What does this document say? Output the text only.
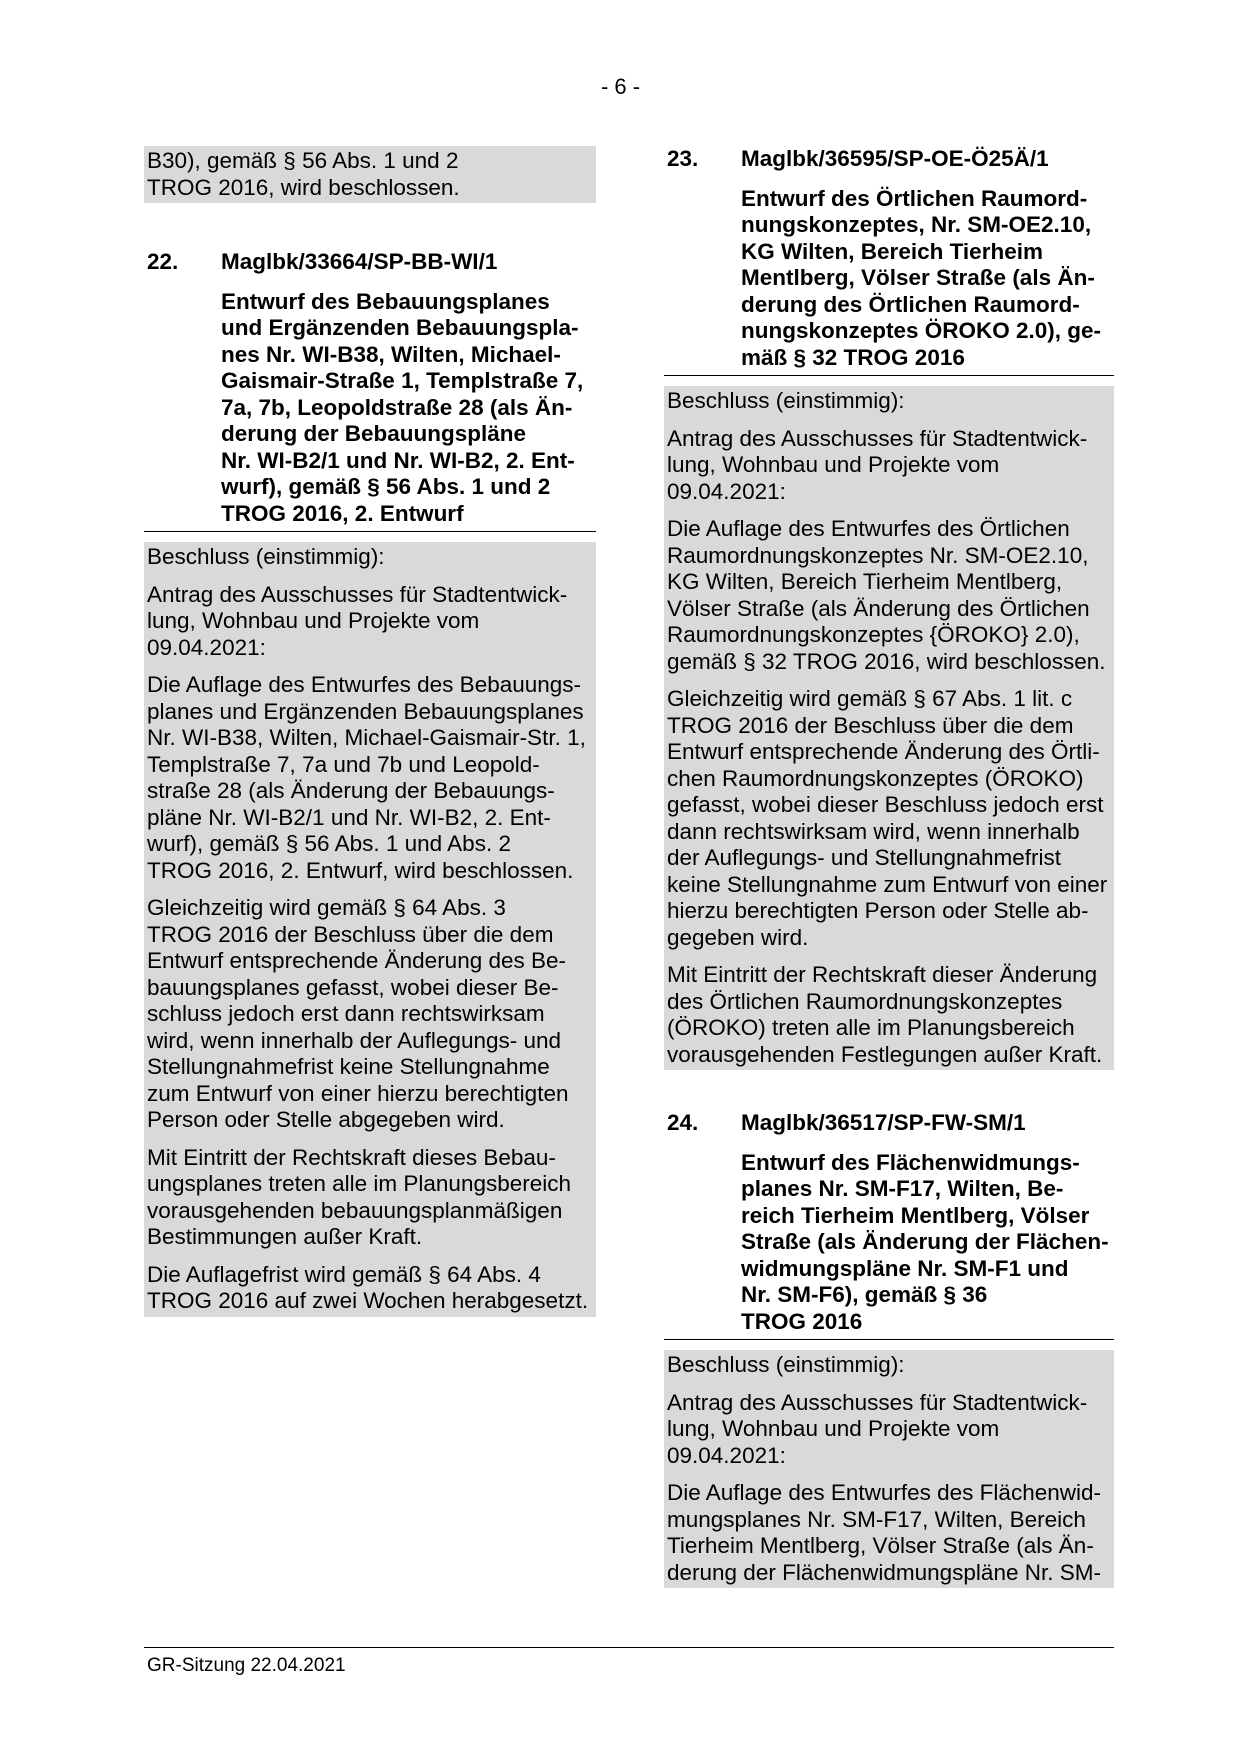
- 6 -
B30), gemäß § 56 Abs. 1 und 2
TROG 2016, wird beschlossen.
22. Maglbk/33664/SP-BB-WI/1
Entwurf des Bebauungsplanes
und Ergänzenden Bebauungspla-
nes Nr. WI-B38, Wilten, Michael-
Gaismair-Straße 1, Templstraße 7,
7a, 7b, Leopoldstraße 28 (als Än-
derung der Bebauungspläne
Nr. WI-B2/1 und Nr. WI-B2, 2. Ent-
wurf), gemäß § 56 Abs. 1 und 2
TROG 2016, 2. Entwurf
Beschluss (einstimmig):
Antrag des Ausschusses für Stadtentwick-
lung, Wohnbau und Projekte vom
09.04.2021:
Die Auflage des Entwurfes des Bebauungs-
planes und Ergänzenden Bebauungsplanes
Nr. WI-B38, Wilten, Michael-Gaismair-Str. 1,
Templstraße 7, 7a und 7b und Leopold-
straße 28 (als Änderung der Bebauungs-
pläne Nr. WI-B2/1 und Nr. WI-B2, 2. Ent-
wurf), gemäß § 56 Abs. 1 und Abs. 2
TROG 2016, 2. Entwurf, wird beschlossen.
Gleichzeitig wird gemäß § 64 Abs. 3
TROG 2016 der Beschluss über die dem
Entwurf entsprechende Änderung des Be-
bauungsplanes gefasst, wobei dieser Be-
schluss jedoch erst dann rechtswirksam
wird, wenn innerhalb der Auflegungs- und
Stellungnahmefrist keine Stellungnahme
zum Entwurf von einer hierzu berechtigten
Person oder Stelle abgegeben wird.
Mit Eintritt der Rechtskraft dieses Bebau-
ungsplanes treten alle im Planungsbereich
vorausgehenden bebauungsplanmäßigen
Bestimmungen außer Kraft.
Die Auflagefrist wird gemäß § 64 Abs. 4
TROG 2016 auf zwei Wochen herabgesetzt.
23. Maglbk/36595/SP-OE-Ö25Ä/1
Entwurf des Örtlichen Raumord-
nungskonzeptes, Nr. SM-OE2.10,
KG Wilten, Bereich Tierheim
Mentlberg, Völser Straße (als Än-
derung des Örtlichen Raumord-
nungskonzeptes ÖROKO 2.0), ge-
mäß § 32 TROG 2016
Beschluss (einstimmig):
Antrag des Ausschusses für Stadtentwick-
lung, Wohnbau und Projekte vom
09.04.2021:
Die Auflage des Entwurfes des Örtlichen
Raumordnungskonzeptes Nr. SM-OE2.10,
KG Wilten, Bereich Tierheim Mentlberg,
Völser Straße (als Änderung des Örtlichen
Raumordnungskonzeptes {ÖROKO} 2.0),
gemäß § 32 TROG 2016, wird beschlossen.
Gleichzeitig wird gemäß § 67 Abs. 1 lit. c
TROG 2016 der Beschluss über die dem
Entwurf entsprechende Änderung des Örtli-
chen Raumordnungskonzeptes (ÖROKO)
gefasst, wobei dieser Beschluss jedoch erst
dann rechtswirksam wird, wenn innerhalb
der Auflegungs- und Stellungnahmefrist
keine Stellungnahme zum Entwurf von einer
hierzu berechtigten Person oder Stelle ab-
gegeben wird.
Mit Eintritt der Rechtskraft dieser Änderung
des Örtlichen Raumordnungskonzeptes
(ÖROKO) treten alle im Planungsbereich
vorausgehenden Festlegungen außer Kraft.
24. Maglbk/36517/SP-FW-SM/1
Entwurf des Flächenwidmungs-
planes Nr. SM-F17, Wilten, Be-
reich Tierheim Mentlberg, Völser
Straße (als Änderung der Flächen-
widmungspläne Nr. SM-F1 und
Nr. SM-F6), gemäß § 36
TROG 2016
Beschluss (einstimmig):
Antrag des Ausschusses für Stadtentwick-
lung, Wohnbau und Projekte vom
09.04.2021:
Die Auflage des Entwurfes des Flächenwid-
mungsplanes Nr. SM-F17, Wilten, Bereich
Tierheim Mentlberg, Völser Straße (als Än-
derung der Flächenwidmungspläne Nr. SM-
GR-Sitzung 22.04.2021
